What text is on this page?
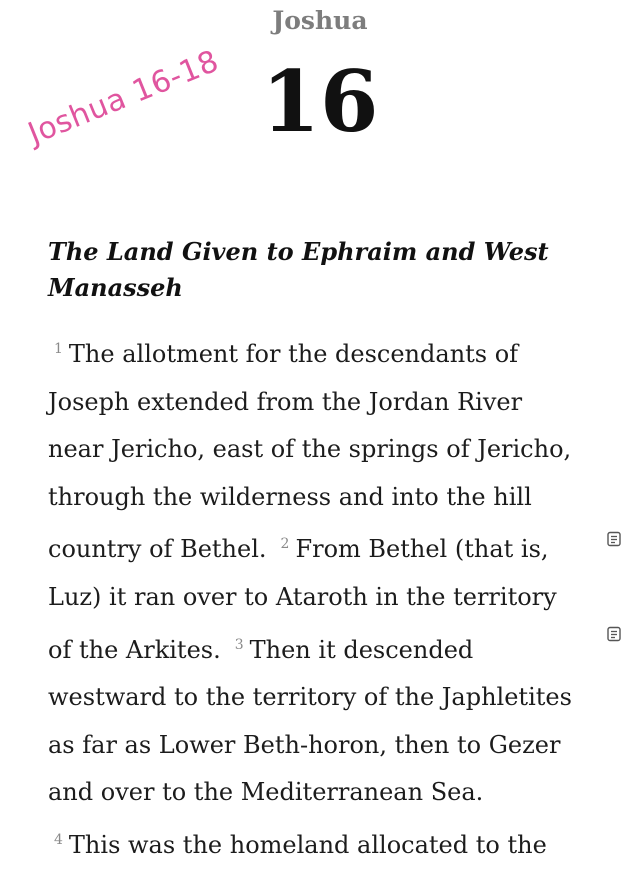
Joshua
16
Joshua 16-18
The Land Given to Ephraim and West
Manasseh

$^1$ The allotment for the descendants of

Joseph extended from the Jordan River

near Jericho, east of the springs of Jericho,

through the wilderness and into the hill

country of Bethel. $^2$ From Bethel (that is,

Luz) it ran over to Ataroth in the territory

of the Arkites. $^3$ Then it descended

westward to the territory of the Japhletites

as far as Lower Beth-horon, then to Gezer

and over to the Mediterranean Sea.

$^4$ This was the homeland allocated to the
